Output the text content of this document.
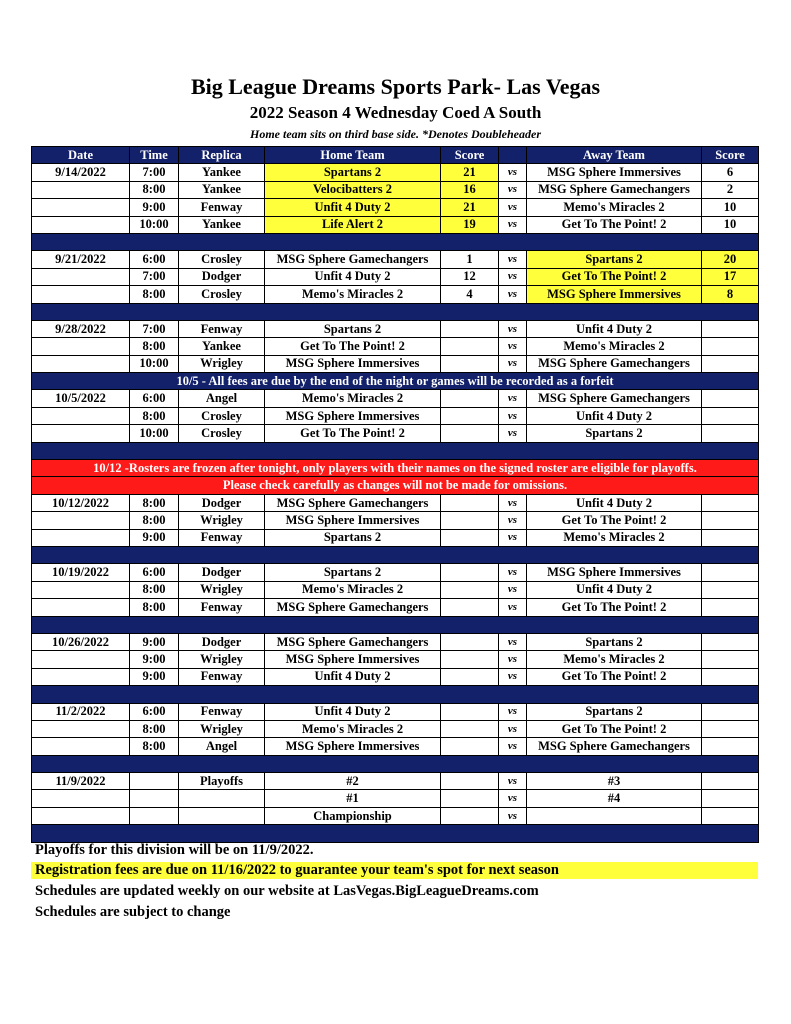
Big League Dreams Sports Park- Las Vegas
2022 Season 4 Wednesday Coed A South
Home team sits on third base side. *Denotes Doubleheader
Date	Time	Replica	Home Team	Score		Away Team	Score
9/14/2022	7:00	Yankee	Spartans 2	21	vs	MSG Sphere Immersives	6
	8:00	Yankee	Velocibatters 2	16	vs	MSG Sphere Gamechangers	2
	9:00	Fenway	Unfit 4 Duty 2	21	vs	Memo's Miracles 2	10
	10:00	Yankee	Life Alert 2	19	vs	Get To The Point! 2	10

9/21/2022	6:00	Crosley	MSG Sphere Gamechangers	1	vs	Spartans 2	20
	7:00	Dodger	Unfit 4 Duty 2	12	vs	Get To The Point! 2	17
	8:00	Crosley	Memo's Miracles 2	4	vs	MSG Sphere Immersives	8

9/28/2022	7:00	Fenway	Spartans 2		vs	Unfit 4 Duty 2	
	8:00	Yankee	Get To The Point! 2		vs	Memo's Miracles 2	
	10:00	Wrigley	MSG Sphere Immersives		vs	MSG Sphere Gamechangers	
10/5 - All fees are due by the end of the night or games will be recorded as a forfeit							
10/5/2022	6:00	Angel	Memo's Miracles 2		vs	MSG Sphere Gamechangers	
	8:00	Crosley	MSG Sphere Immersives		vs	Unfit 4 Duty 2	
	10:00	Crosley	Get To The Point! 2		vs	Spartans 2	

10/12 -Rosters are frozen after tonight, only players with their names on the signed roster are eligible for playoffs.							
Please check carefully as changes will not be made for omissions.							
10/12/2022	8:00	Dodger	MSG Sphere Gamechangers		vs	Unfit 4 Duty 2	
	8:00	Wrigley	MSG Sphere Immersives		vs	Get To The Point! 2	
	9:00	Fenway	Spartans 2		vs	Memo's Miracles 2	

10/19/2022	6:00	Dodger	Spartans 2		vs	MSG Sphere Immersives	
	8:00	Wrigley	Memo's Miracles 2		vs	Unfit 4 Duty 2	
	8:00	Fenway	MSG Sphere Gamechangers		vs	Get To The Point! 2	

10/26/2022	9:00	Dodger	MSG Sphere Gamechangers		vs	Spartans 2	
	9:00	Wrigley	MSG Sphere Immersives		vs	Memo's Miracles 2	
	9:00	Fenway	Unfit 4 Duty 2		vs	Get To The Point! 2	

11/2/2022	6:00	Fenway	Unfit 4 Duty 2		vs	Spartans 2	
	8:00	Wrigley	Memo's Miracles 2		vs	Get To The Point! 2	
	8:00	Angel	MSG Sphere Immersives		vs	MSG Sphere Gamechangers	

11/9/2022		Playoffs	#2		vs	#3	
			#1		vs	#4	
			Championship		vs		

Playoffs for this division will be on 11/9/2022.
Registration fees are due on 11/16/2022 to guarantee your team's spot for next season
Schedules are updated weekly on our website at LasVegas.BigLeagueDreams.com
Schedules are subject to change
